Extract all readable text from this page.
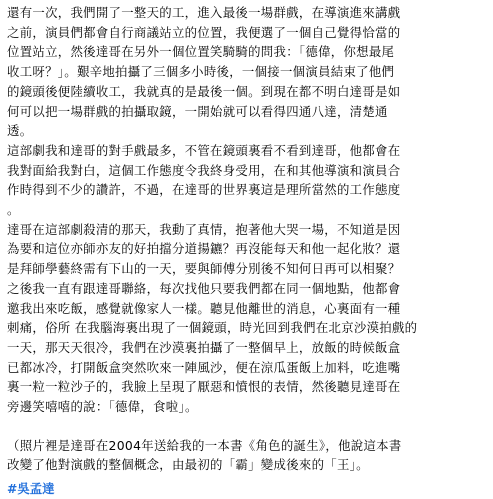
還有一次，我們開了一整天的工，進入最後一場群戲，在導演進來講戲
之前，演員們都會自行商議站立的位置，我便選了一個自己覺得恰當的
位置站立，然後達哥在另外一個位置笑騎騎的問我：「德偉，你想最尾
收工呀？」。艱辛地拍攝了三個多小時後，一個接一個演員結束了他們
的鏡頭後便陸續收工，我就真的是最後一個。到現在都不明白達哥是如
何可以把一場群戲的拍攝取鏡，一開始就可以看得四通八達，清楚通
透。

這部劇我和達哥的對手戲最多，不管在鏡頭裏看不看到達哥，他都會在
我對面給我對白，這個工作態度令我終身受用，在和其他導演和演員合
作時得到不少的讚許，不過，在達哥的世界裏這是理所當然的工作態度
。

達哥在這部劇殺清的那天，我動了真情，抱著他大哭一場，不知道是因
為要和這位亦師亦友的好拍擋分道揚鑣？再沒能每天和他一起化妝？還
是拜師學藝終需有下山的一天，要與師傅分別後不知何日再可以相聚？
之後我一直有跟達哥聯絡，每次找他只要我們都在同一個地點，他都會
邀我出來吃飯，感覺就像家人一樣。聽見他離世的消息，心裏面有一種
刺痛，俗所 在我腦海裏出現了一個鏡頭，時光回到我們在北京沙漠拍戲的
一天，那天天很冷，我們在沙漠裏拍攝了一整個早上，放飯的時候飯盒
已都冰冷，打開飯盒突然吹來一陣風沙，便在涼瓜蛋飯上加料，吃進嘴
裏一粒一粒沙子的，我臉上呈現了厭惡和憤恨的表情，然後聽見達哥在
旁邊笑嘻嘻的說：「德偉，食啦」。

（照片裡是達哥在2004年送給我的一本書《角色的誕生》，他說這本書
改變了他對演戲的整個概念，由最初的「霸」變成後來的「王」。

#吳孟達
